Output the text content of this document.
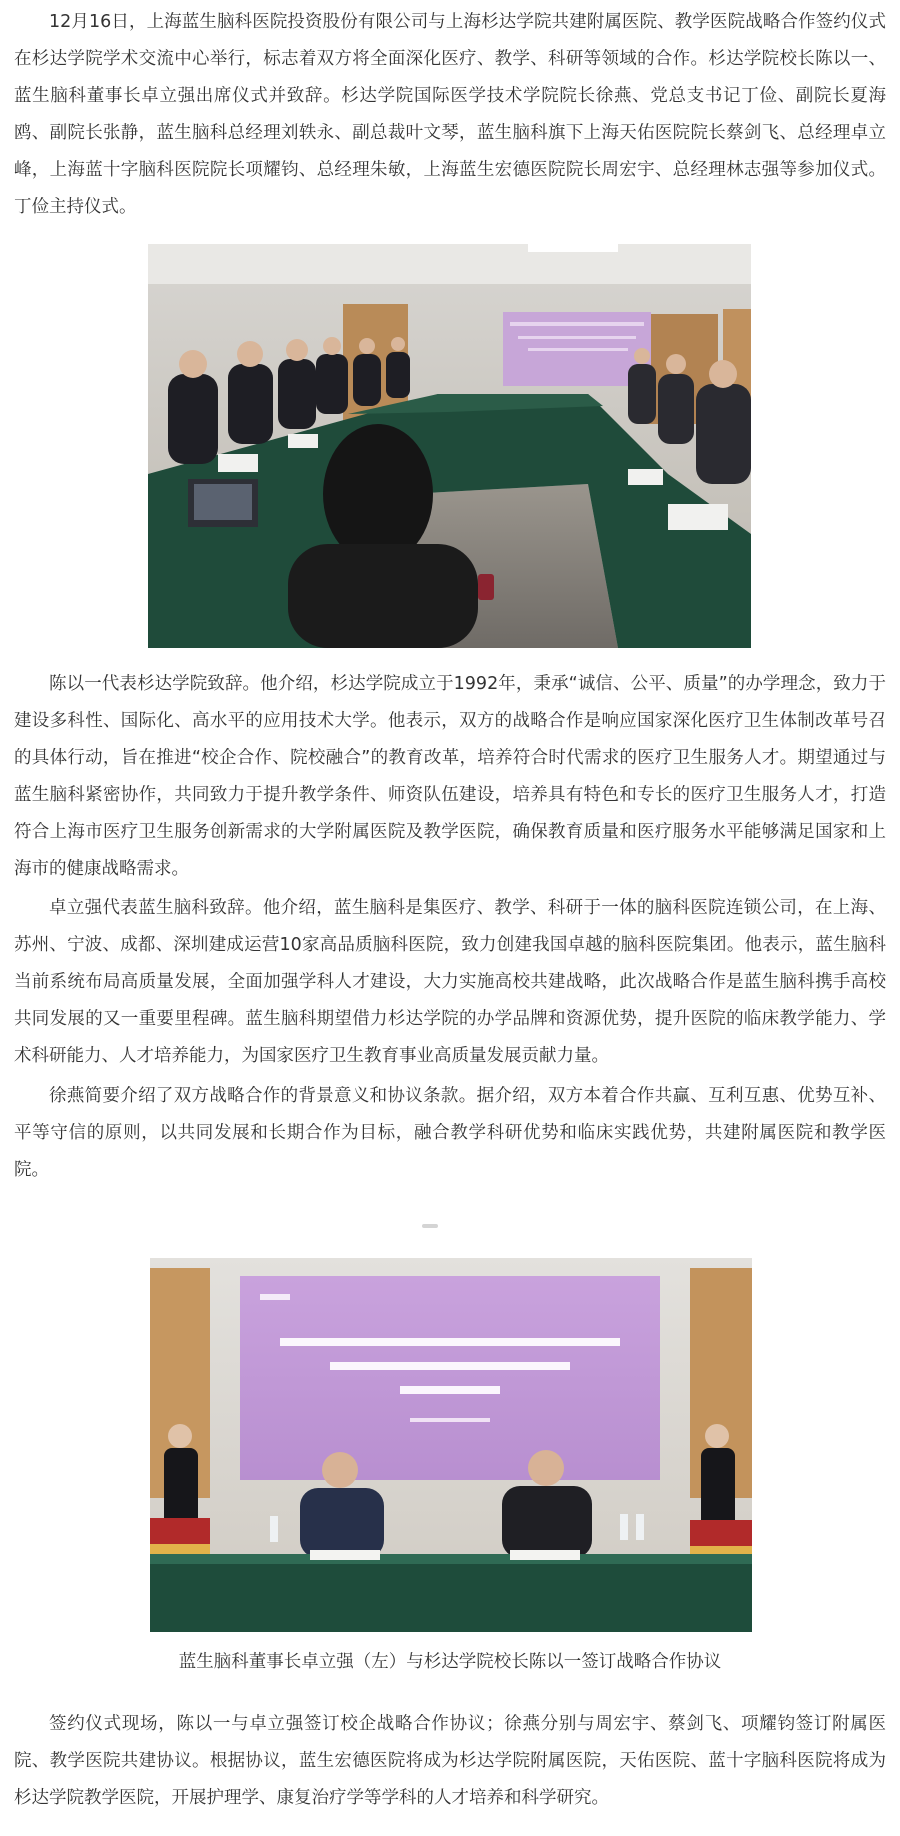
12月16日，上海蓝生脑科医院投资股份有限公司与上海杉达学院共建附属医院、教学医院战略合作签约仪式在杉达学院学术交流中心举行，标志着双方将全面深化医疗、教学、科研等领域的合作。杉达学院校长陈以一、蓝生脑科董事长卓立强出席仪式并致辞。杉达学院国际医学技术学院院长徐燕、党总支书记丁俭、副院长夏海鸥、副院长张静，蓝生脑科总经理刘轶永、副总裁叶文琴，蓝生脑科旗下上海天佑医院院长蔡剑飞、总经理卓立峰，上海蓝十字脑科医院院长项耀钧、总经理朱敏，上海蓝生宏德医院院长周宏宇、总经理林志强等参加仪式。丁俭主持仪式。

陈以一代表杉达学院致辞。他介绍，杉达学院成立于1992年，秉承“诚信、公平、质量”的办学理念，致力于建设多科性、国际化、高水平的应用技术大学。他表示，双方的战略合作是响应国家深化医疗卫生体制改革号召的具体行动，旨在推进“校企合作、院校融合”的教育改革，培养符合时代需求的医疗卫生服务人才。期望通过与蓝生脑科紧密协作，共同致力于提升教学条件、师资队伍建设，培养具有特色和专长的医疗卫生服务人才，打造符合上海市医疗卫生服务创新需求的大学附属医院及教学医院，确保教育质量和医疗服务水平能够满足国家和上海市的健康战略需求。

卓立强代表蓝生脑科致辞。他介绍，蓝生脑科是集医疗、教学、科研于一体的脑科医院连锁公司，在上海、苏州、宁波、成都、深圳建成运营10家高品质脑科医院，致力创建我国卓越的脑科医院集团。他表示，蓝生脑科当前系统布局高质量发展，全面加强学科人才建设，大力实施高校共建战略，此次战略合作是蓝生脑科携手高校共同发展的又一重要里程碑。蓝生脑科期望借力杉达学院的办学品牌和资源优势，提升医院的临床教学能力、学术科研能力、人才培养能力，为国家医疗卫生教育事业高质量发展贡献力量。

徐燕简要介绍了双方战略合作的背景意义和协议条款。据介绍，双方本着合作共赢、互利互惠、优势互补、平等守信的原则，以共同发展和长期合作为目标，融合教学科研优势和临床实践优势，共建附属医院和教学医院。

蓝生脑科董事长卓立强（左）与杉达学院校长陈以一签订战略合作协议

签约仪式现场，陈以一与卓立强签订校企战略合作协议；徐燕分别与周宏宇、蔡剑飞、项耀钧签订附属医院、教学医院共建协议。根据协议，蓝生宏德医院将成为杉达学院附属医院，天佑医院、蓝十字脑科医院将成为杉达学院教学医院，开展护理学、康复治疗学等学科的人才培养和科学研究。
